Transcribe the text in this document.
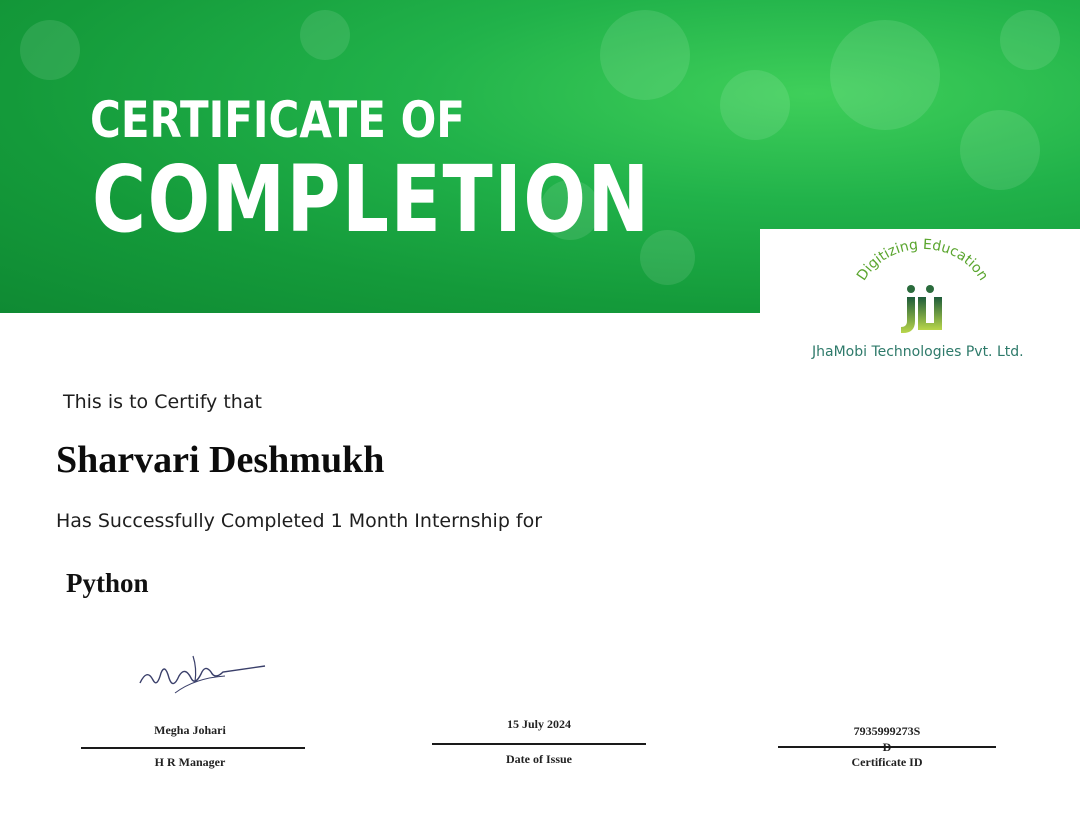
CERTIFICATE OF
COMPLETION
Digitizing Education
JhaMobi Technologies Pvt. Ltd.
This is to Certify that
Sharvari Deshmukh
Has Successfully Completed 1 Month Internship for
Python
Megha Johari
H R Manager
15 July 2024
Date of Issue
7935999273S
Certificate ID
